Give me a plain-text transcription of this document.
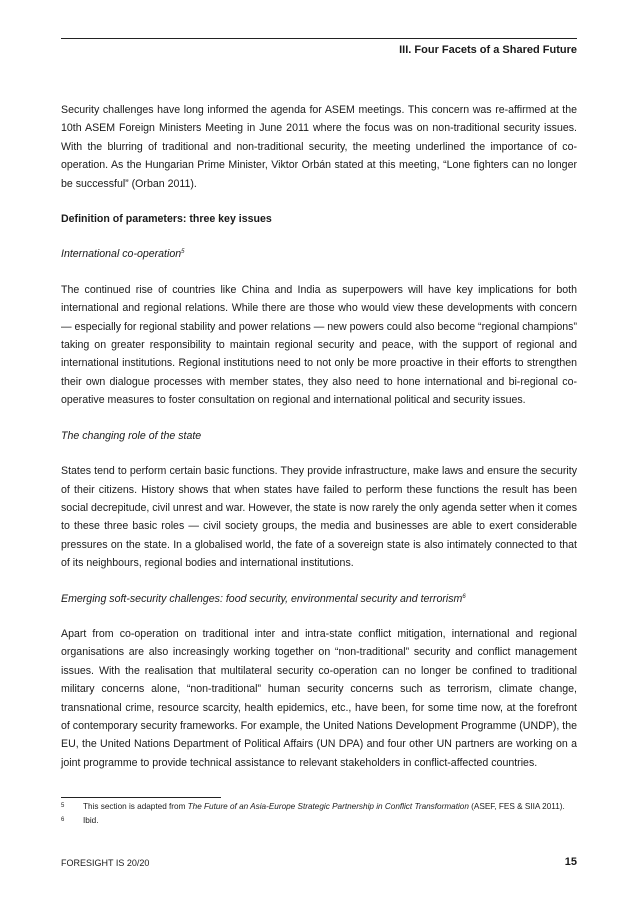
III. Four Facets of a Shared Future

Security challenges have long informed the agenda for ASEM meetings. This concern was re-affirmed at the 10th ASEM Foreign Ministers Meeting in June 2011 where the focus was on non-traditional security issues. With the blurring of traditional and non-traditional security, the meeting underlined the importance of co-operation. As the Hungarian Prime Minister, Viktor Orbán stated at this meeting, “Lone fighters can no longer be successful” (Orban 2011).

Definition of parameters: three key issues

International co-operation$^5$

The continued rise of countries like China and India as superpowers will have key implications for both international and regional relations. While there are those who would view these developments with concern — especially for regional stability and power relations — new powers could also become “regional champions” taking on greater responsibility to maintain regional security and peace, with the support of regional and international institutions. Regional institutions need to not only be more proactive in their efforts to strengthen their own dialogue processes with member states, they also need to hone international and bi-regional co-operative measures to foster consultation on regional and international political and security issues.

The changing role of the state

States tend to perform certain basic functions. They provide infrastructure, make laws and ensure the security of their citizens. History shows that when states have failed to perform these functions the result has been social decrepitude, civil unrest and war. However, the state is now rarely the only agenda setter when it comes to these three basic roles — civil society groups, the media and businesses are able to exert considerable pressures on the state. In a globalised world, the fate of a sovereign state is also intimately connected to that of its neighbours, regional bodies and international institutions.

Emerging soft-security challenges: food security, environmental security and terrorism$^6$

Apart from co-operation on traditional inter and intra-state conflict mitigation, international and regional organisations are also increasingly working together on “non-traditional” security and conflict management issues. With the realisation that multilateral security co-operation can no longer be confined to traditional military concerns alone, “non-traditional” human security concerns such as terrorism, climate change, transnational crime, resource scarcity, health epidemics, etc., have been, for some time now, at the forefront of contemporary security frameworks. For example, the United Nations Development Programme (UNDP), the EU, the United Nations Department of Political Affairs (UN DPA) and four other UN partners are working on a joint programme to provide technical assistance to relevant stakeholders in conflict-affected countries.

5	This section is adapted from The Future of an Asia-Europe Strategic Partnership in Conflict Transformation (ASEF, FES & SIIA 2011).
6	Ibid.
FORESIGHT IS 20/20	15
